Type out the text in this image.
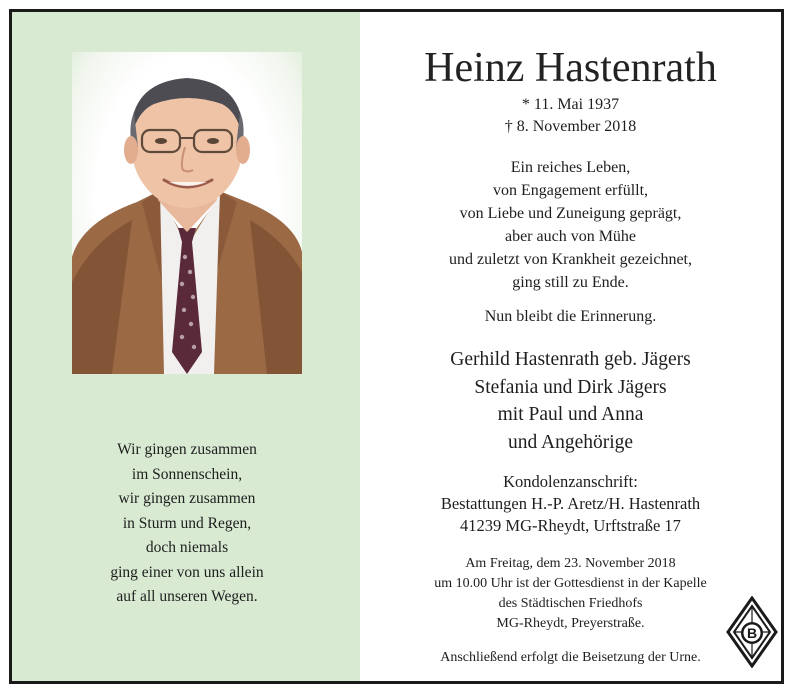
Wir gingen zusammen
im Sonnenschein,
wir gingen zusammen
in Sturm und Regen,
doch niemals
ging einer von uns allein
auf all unseren Wegen.
Heinz Hastenrath
* 11. Mai 1937
† 8. November 2018
Ein reiches Leben,
von Engagement erfüllt,
von Liebe und Zuneigung geprägt,
aber auch von Mühe
und zuletzt von Krankheit gezeichnet,
ging still zu Ende.
Nun bleibt die Erinnerung.
Gerhild Hastenrath geb. Jägers
Stefania und Dirk Jägers
mit Paul und Anna
und Angehörige
Kondolenzanschrift:
Bestattungen H.-P. Aretz/H. Hastenrath
41239 MG-Rheydt, Urftstraße 17
Am Freitag, dem 23. November 2018
um 10.00 Uhr ist der Gottesdienst in der Kapelle
des Städtischen Friedhofs
MG-Rheydt, Preyerstraße.
Anschließend erfolgt die Beisetzung der Urne.
B
